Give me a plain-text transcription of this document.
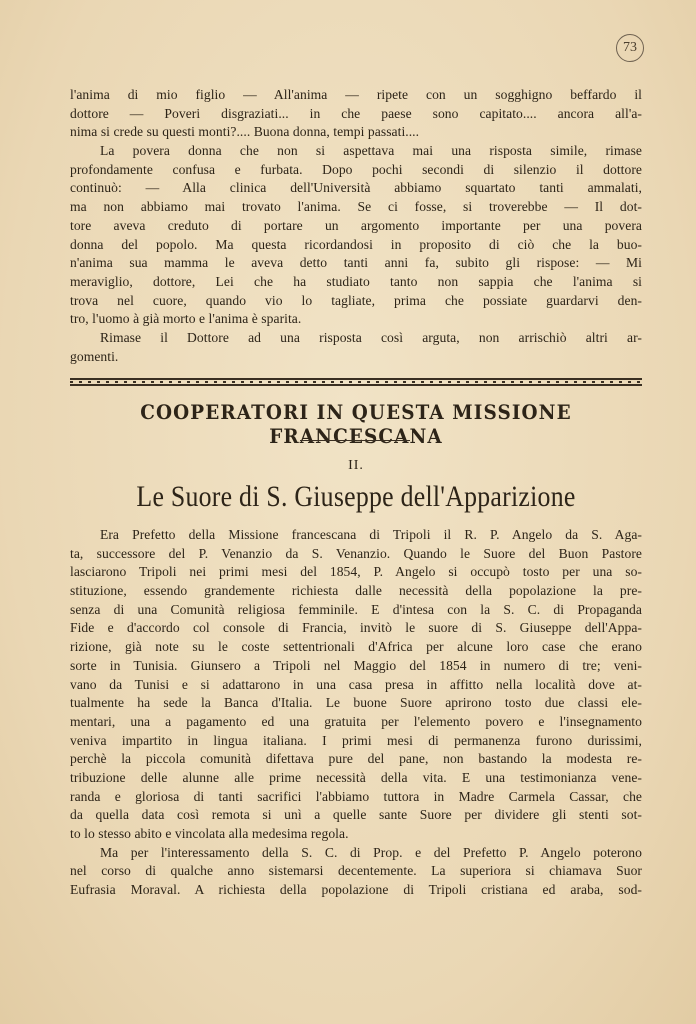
73
l'anima di mio figlio — All'anima — ripete con un sogghigno beffardo il
dottore — Poveri disgraziati... in che paese sono capitato.... ancora all'a-
nima si crede su questi monti?.... Buona donna, tempi passati....
La povera donna che non si aspettava mai una risposta simile, rimase
profondamente confusa e furbata. Dopo pochi secondi di silenzio il dottore
continuò: — Alla clinica dell'Università abbiamo squartato tanti ammalati,
ma non abbiamo mai trovato l'anima. Se ci fosse, si troverebbe — Il dot-
tore aveva creduto di portare un argomento importante per una povera
donna del popolo. Ma questa ricordandosi in proposito di ciò che la buo-
n'anima sua mamma le aveva detto tanti anni fa, subito gli rispose: — Mi
meraviglio, dottore, Lei che ha studiato tanto non sappia che l'anima si
trova nel cuore, quando vio lo tagliate, prima che possiate guardarvi den-
tro, l'uomo à già morto e l'anima è sparita.
Rimase il Dottore ad una risposta così arguta, non arrischiò altri ar-
gomenti.
COOPERATORI IN QUESTA MISSIONE FRANCESCANA
II.
Le Suore di S. Giuseppe dell'Apparizione
Era Prefetto della Missione francescana di Tripoli il R. P. Angelo da S. Aga-
ta, successore del P. Venanzio da S. Venanzio. Quando le Suore del Buon Pastore
lasciarono Tripoli nei primi mesi del 1854, P. Angelo si occupò tosto per una so-
stituzione, essendo grandemente richiesta dalle necessità della popolazione la pre-
senza di una Comunità religiosa femminile. E d'intesa con la S. C. di Propaganda
Fide e d'accordo col console di Francia, invitò le suore di S. Giuseppe dell'Appa-
rizione, già note su le coste settentrionali d'Africa per alcune loro case che erano
sorte in Tunisia. Giunsero a Tripoli nel Maggio del 1854 in numero di tre; veni-
vano da Tunisi e si adattarono in una casa presa in affitto nella località dove at-
tualmente ha sede la Banca d'Italia. Le buone Suore aprirono tosto due classi ele-
mentari, una a pagamento ed una gratuita per l'elemento povero e l'insegnamento
veniva impartito in lingua italiana. I primi mesi di permanenza furono durissimi,
perchè la piccola comunità difettava pure del pane, non bastando la modesta re-
tribuzione delle alunne alle prime necessità della vita. E una testimonianza vene-
randa e gloriosa di tanti sacrifici l'abbiamo tuttora in Madre Carmela Cassar, che
da quella data così remota si unì a quelle sante Suore per dividere gli stenti sot-
to lo stesso abito e vincolata alla medesima regola.
Ma per l'interessamento della S. C. di Prop. e del Prefetto P. Angelo poterono
nel corso di qualche anno sistemarsi decentemente. La superiora si chiamava Suor
Eufrasia Moraval. A richiesta della popolazione di Tripoli cristiana ed araba, sod-
